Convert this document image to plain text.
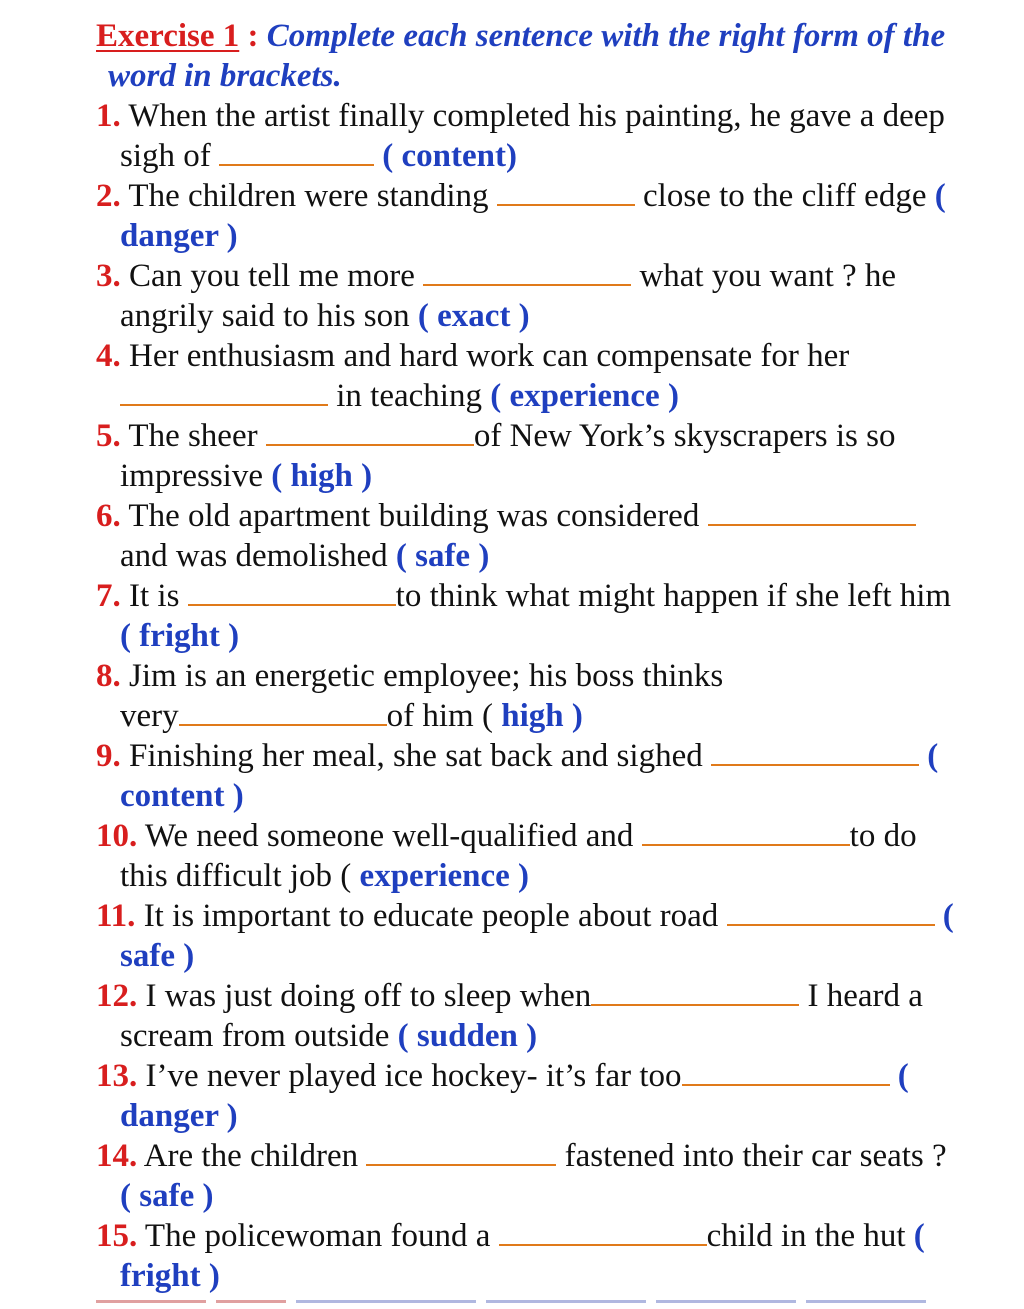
Exercise 1 : Complete each sentence with the right form of the
word in brackets.
1. When the artist finally completed his painting, he gave a deep
sigh of	( content)
2. The children were standing	close to the cliff edge (
danger )
3. Can you tell me more	what you want ? he
angrily said to his son ( exact )
4. Her enthusiasm and hard work can compensate for her
in teaching ( experience )
5. The sheer	of New York’s skyscrapers is so
impressive ( high )
6. The old apartment building was considered
and was demolished ( safe )
7. It is	to think what might happen if she left him
( fright )
8. Jim is an energetic employee; his boss thinks
very	of him ( high )
9. Finishing her meal, she sat back and sighed	(
content )
10. We need someone well-qualified and	to do
this difficult job ( experience )
11. It is important to educate people about road	(
safe )
12. I was just doing off to sleep when	I heard a
scream from outside ( sudden )
13. I’ve never played ice hockey- it’s far too	(
danger )
14. Are the children	fastened into their car seats ?
( safe )
15. The policewoman found a	child in the hut (
fright )
